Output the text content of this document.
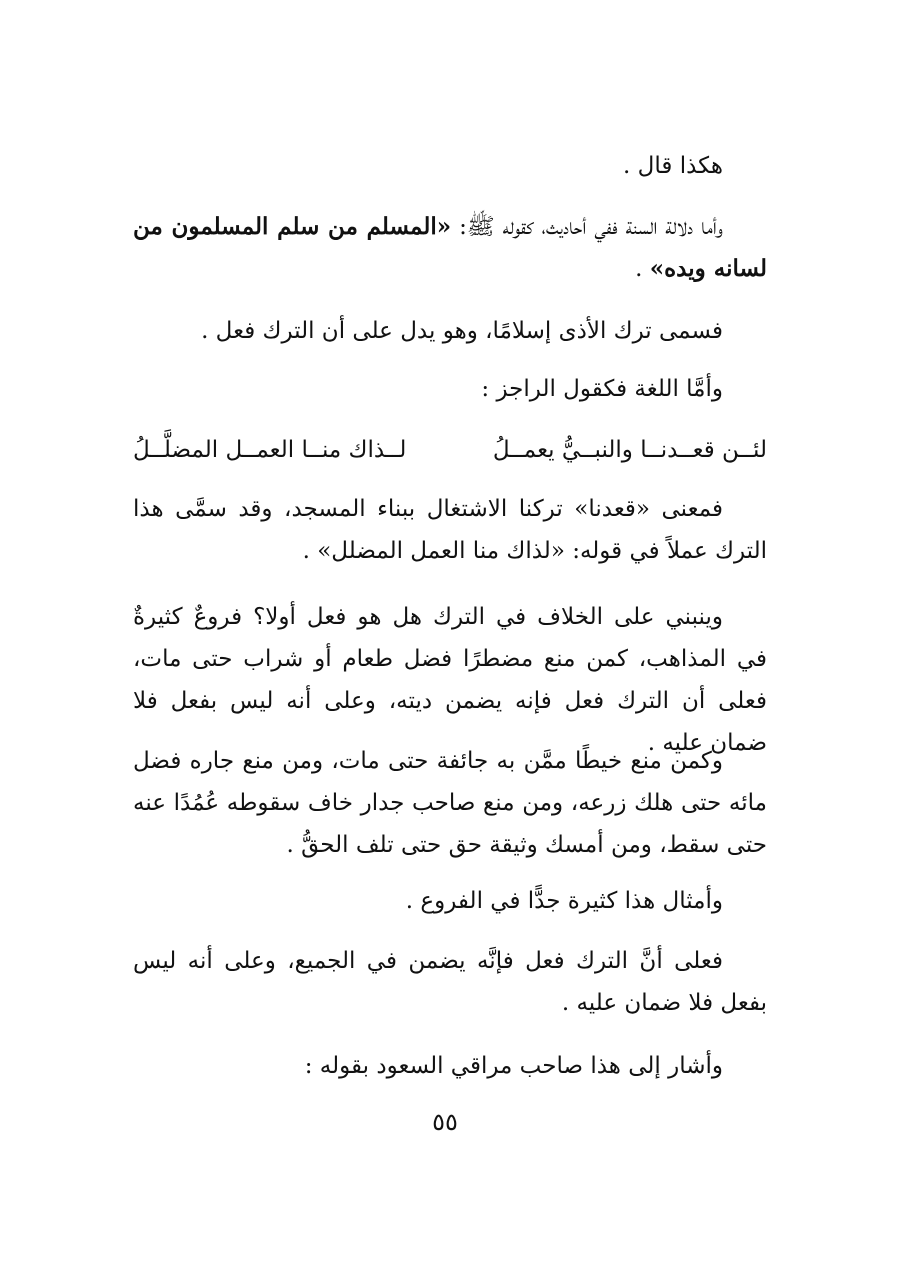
هكذا قال .

وأما دلالة السنة ففي أحاديث، كقوله ﷺ: «المسلم من سلم المسلمون من لسانه ويده» .

فسمى ترك الأذى إسلامًا، وهو يدل على أن الترك فعل .

وأمَّا اللغة فكقول الراجز :

لئــن قعــدنــا والنبــيُّ يعمــلُ
لــذاك منــا العمــل المضلَّــلُ

فمعنى «قعدنا» تركنا الاشتغال ببناء المسجد، وقد سمَّى هذا الترك عملاً في قوله: «لذاك منا العمل المضلل» .

وينبني على الخلاف في الترك هل هو فعل أولا؟ فروعٌ كثيرةٌ في المذاهب، كمن منع مضطرًا فضل طعام أو شراب حتى مات، فعلى أن الترك فعل فإنه يضمن ديته، وعلى أنه ليس بفعل فلا ضمان عليه .

وكمن منع خيطًا ممَّن به جائفة حتى مات، ومن منع جاره فضل مائه حتى هلك زرعه، ومن منع صاحب جدار خاف سقوطه عُمُدًا عنه حتى سقط، ومن أمسك وثيقة حق حتى تلف الحقُّ .

وأمثال هذا كثيرة جدًّا في الفروع .

فعلى أنَّ الترك فعل فإنَّه يضمن في الجميع، وعلى أنه ليس بفعل فلا ضمان عليه .

وأشار إلى هذا صاحب مراقي السعود بقوله :

٥٥
